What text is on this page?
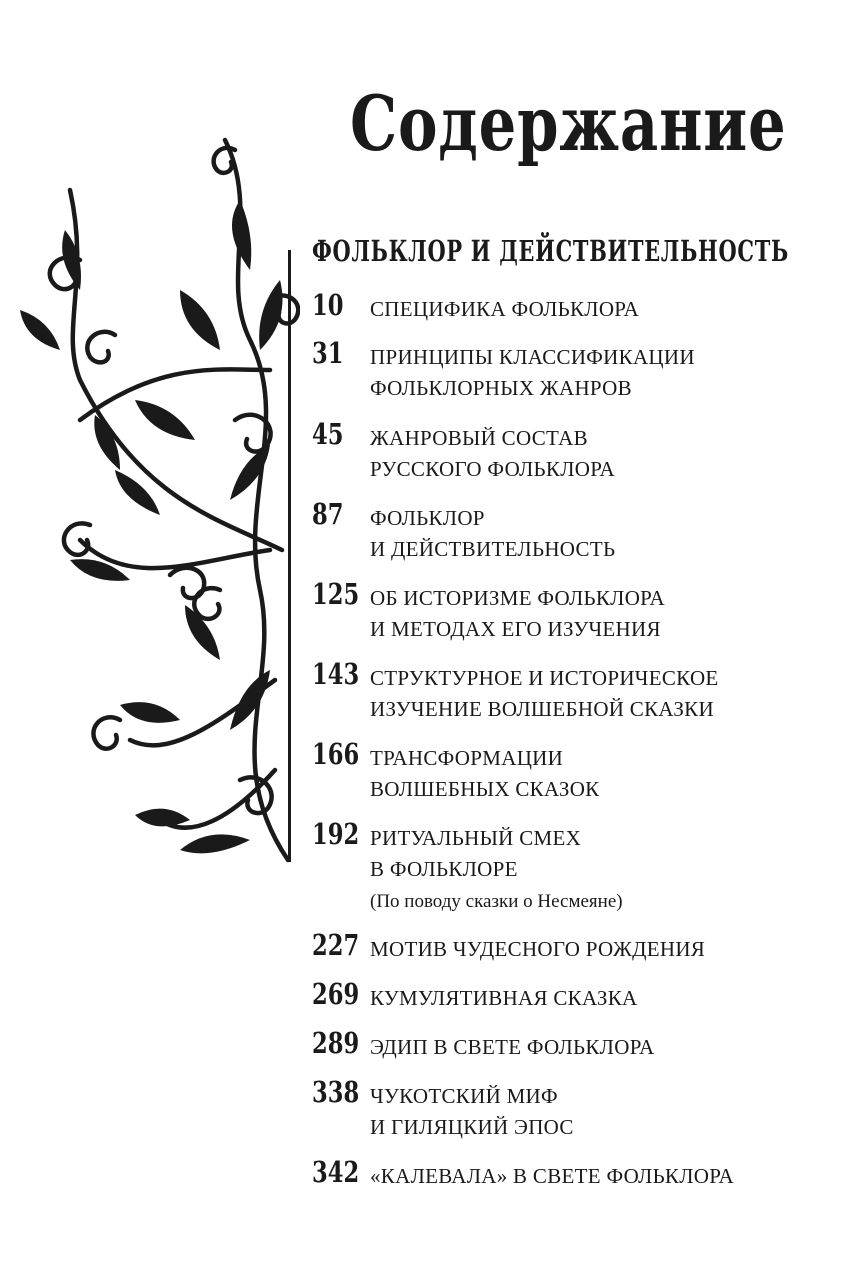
Содержание
ФОЛЬКЛОР И ДЕЙСТВИТЕЛЬНОСТЬ
10	СПЕЦИФИКА ФОЛЬКЛОРА
31	ПРИНЦИПЫ КЛАССИФИКАЦИИ
ФОЛЬКЛОРНЫХ ЖАНРОВ
45	ЖАНРОВЫЙ СОСТАВ
РУССКОГО ФОЛЬКЛОРА
87	ФОЛЬКЛОР
И ДЕЙСТВИТЕЛЬНОСТЬ
125 ОБ ИСТОРИЗМЕ ФОЛЬКЛОРА
И МЕТОДАХ ЕГО ИЗУЧЕНИЯ
143 СТРУКТУРНОЕ И ИСТОРИЧЕСКОЕ
ИЗУЧЕНИЕ ВОЛШЕБНОЙ СКАЗКИ
166 ТРАНСФОРМАЦИИ
ВОЛШЕБНЫХ СКАЗОК
192 РИТУАЛЬНЫЙ СМЕХ
В ФОЛЬКЛОРЕ
(По поводу сказки о Несмеяне)
227 МОТИВ ЧУДЕСНОГО РОЖДЕНИЯ
269 КУМУЛЯТИВНАЯ СКАЗКА
289 ЭДИП В СВЕТЕ ФОЛЬКЛОРА
338 ЧУКОТСКИЙ МИФ
И ГИЛЯЦКИЙ ЭПОС
342 «КАЛЕВАЛА» В СВЕТЕ ФОЛЬКЛОРА
